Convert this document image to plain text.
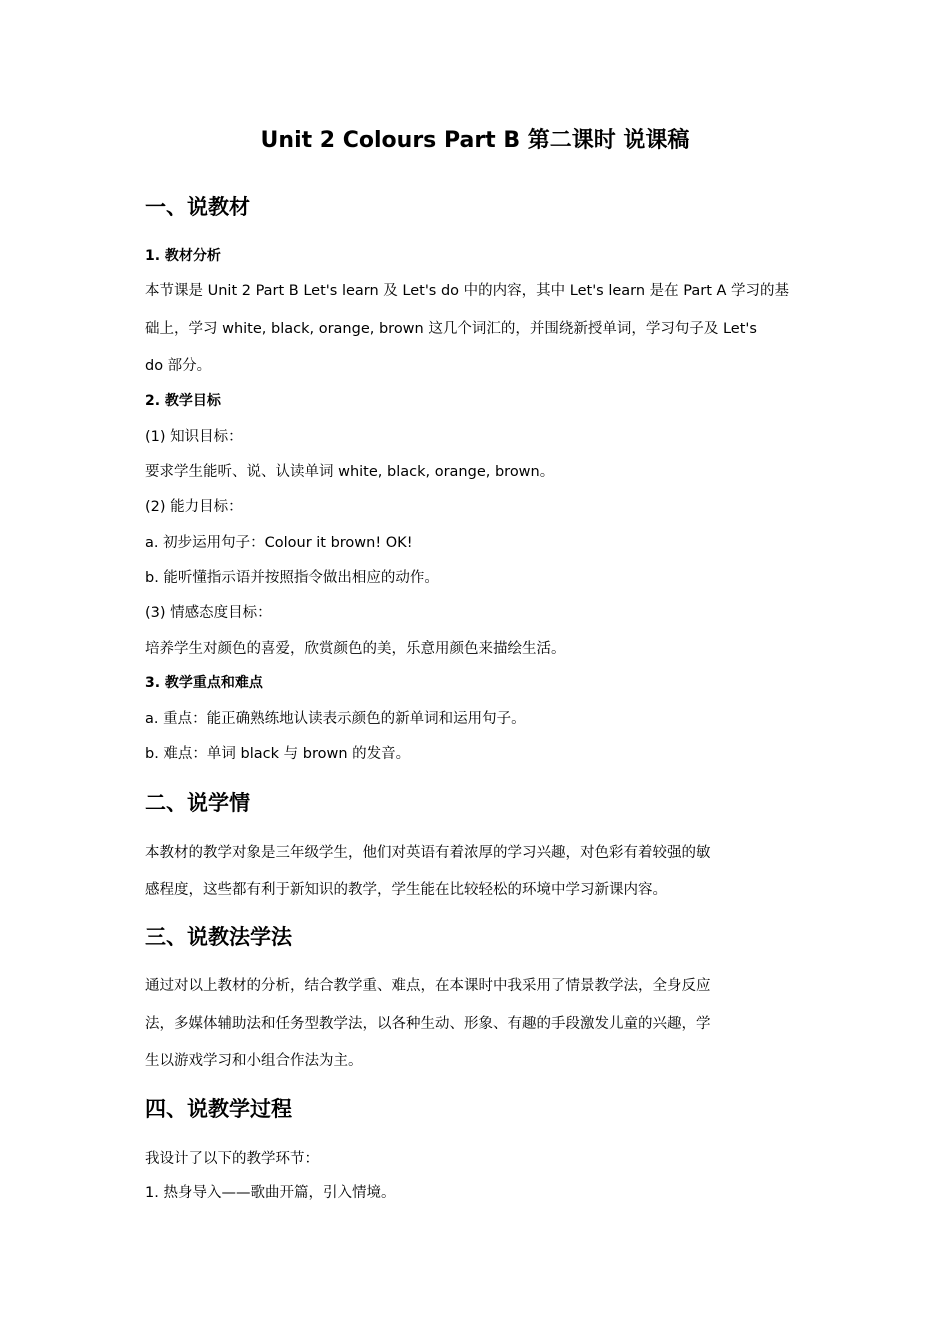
Unit 2 Colours Part B 第二课时 说课稿
一、说教材
1. 教材分析
本节课是 Unit 2 Part B Let's learn 及 Let's do 中的内容，其中 Let's learn 是在 Part A 学习的基
础上，学习 white, black, orange, brown 这几个词汇的，并围绕新授单词，学习句子及 Let's
do 部分。
2. 教学目标
(1) 知识目标：
要求学生能听、说、认读单词 white, black, orange, brown。
(2) 能力目标：
a. 初步运用句子：Colour it brown! OK!
b. 能听懂指示语并按照指令做出相应的动作。
(3) 情感态度目标：
培养学生对颜色的喜爱，欣赏颜色的美，乐意用颜色来描绘生活。
3. 教学重点和难点
a. 重点：能正确熟练地认读表示颜色的新单词和运用句子。
b. 难点：单词 black 与 brown 的发音。
二、说学情
本教材的教学对象是三年级学生，他们对英语有着浓厚的学习兴趣，对色彩有着较强的敏
感程度，这些都有利于新知识的教学，学生能在比较轻松的环境中学习新课内容。
三、说教法学法
通过对以上教材的分析，结合教学重、难点，在本课时中我采用了情景教学法，全身反应
法，多媒体辅助法和任务型教学法，以各种生动、形象、有趣的手段激发儿童的兴趣，学
生以游戏学习和小组合作法为主。
四、说教学过程
我设计了以下的教学环节：
1. 热身导入——歌曲开篇，引入情境。
